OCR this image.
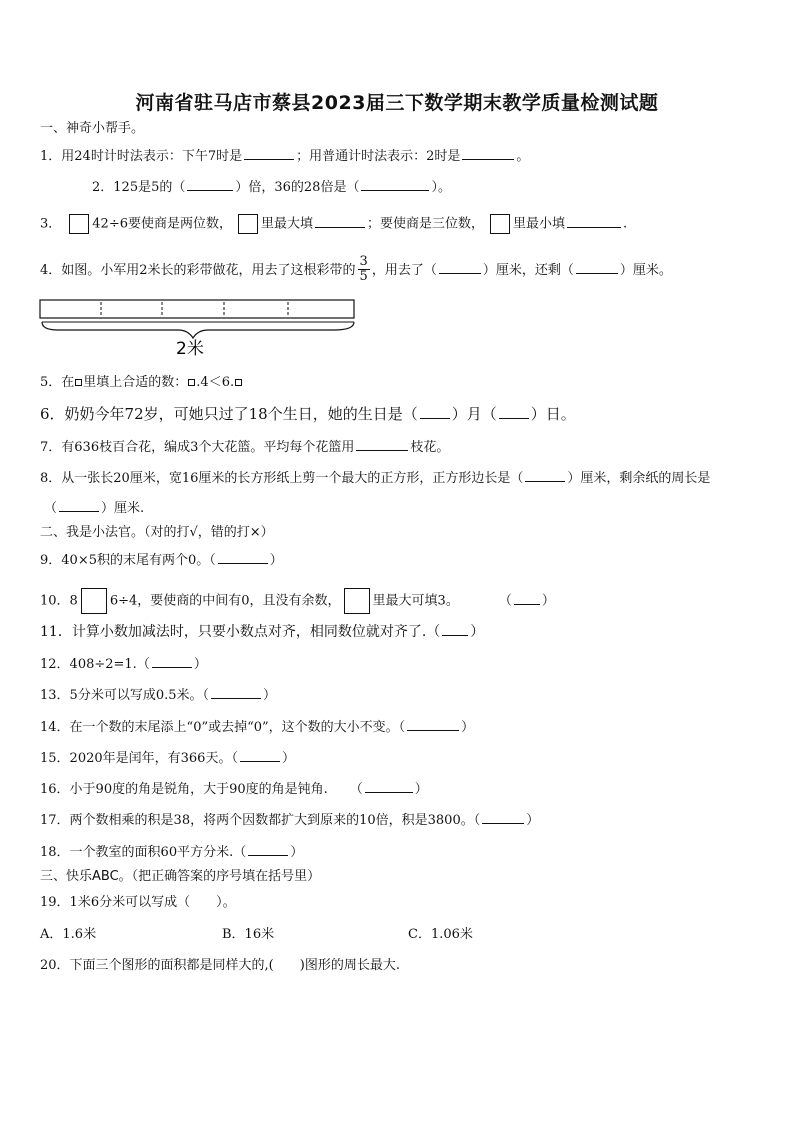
河南省驻马店市蔡县2023届三下数学期末教学质量检测试题
一、神奇小帮手。
1．用24时计时法表示：下午7时是	；用普通计时法表示：2时是	。
2．125是5的（	）倍，36的28倍是（	）。
3． 42÷6要使商是两位数， 里最大填	；要使商是三位数， 里最小填	.
4．如图。小军用2米长的彩带做花，用去了这根彩带的 $\frac{3}{5}$ ，用去了（	）厘米，还剩（	）厘米。
2米
5．在 里填上合适的数： .4＜6.
6．奶奶今年72岁，可她只过了18个生日，她的生日是（ ）月（ ）日。
7．有636枝百合花，编成3个大花篮。平均每个花篮用	枝花。
8．从一张长20厘米，宽16厘米的长方形纸上剪一个最大的正方形，正方形边长是（	）厘米，剩余纸的周长是
（	）厘米.
二、我是小法官。（对的打√，错的打×）
9．40×5积的末尾有两个0。（	）
10．8 6÷4，要使商的中间有0，且没有余数， 里最大可填3。	（ ）
11．计算小数加减法时，只要小数点对齐，相同数位就对齐了.（ ）
12．408÷2=1.（	）
13．5分米可以写成0.5米。（	）
14．在一个数的末尾添上“0”或去掉“0”，这个数的大小不变。（	）
15．2020年是闰年，有366天。（	）
16．小于90度的角是锐角，大于90度的角是钝角. （	）
17．两个数相乘的积是38，将两个因数都扩大到原来的10倍，积是3800。（	）
18．一个教室的面积60平方分米.（	）
三、快乐ABC。（把正确答案的序号填在括号里）
19．1米6分米可以写成（　　）。
A．1.6米	B．16米	C．1.06米
20．下面三个图形的面积都是同样大的,(　　)图形的周长最大.
